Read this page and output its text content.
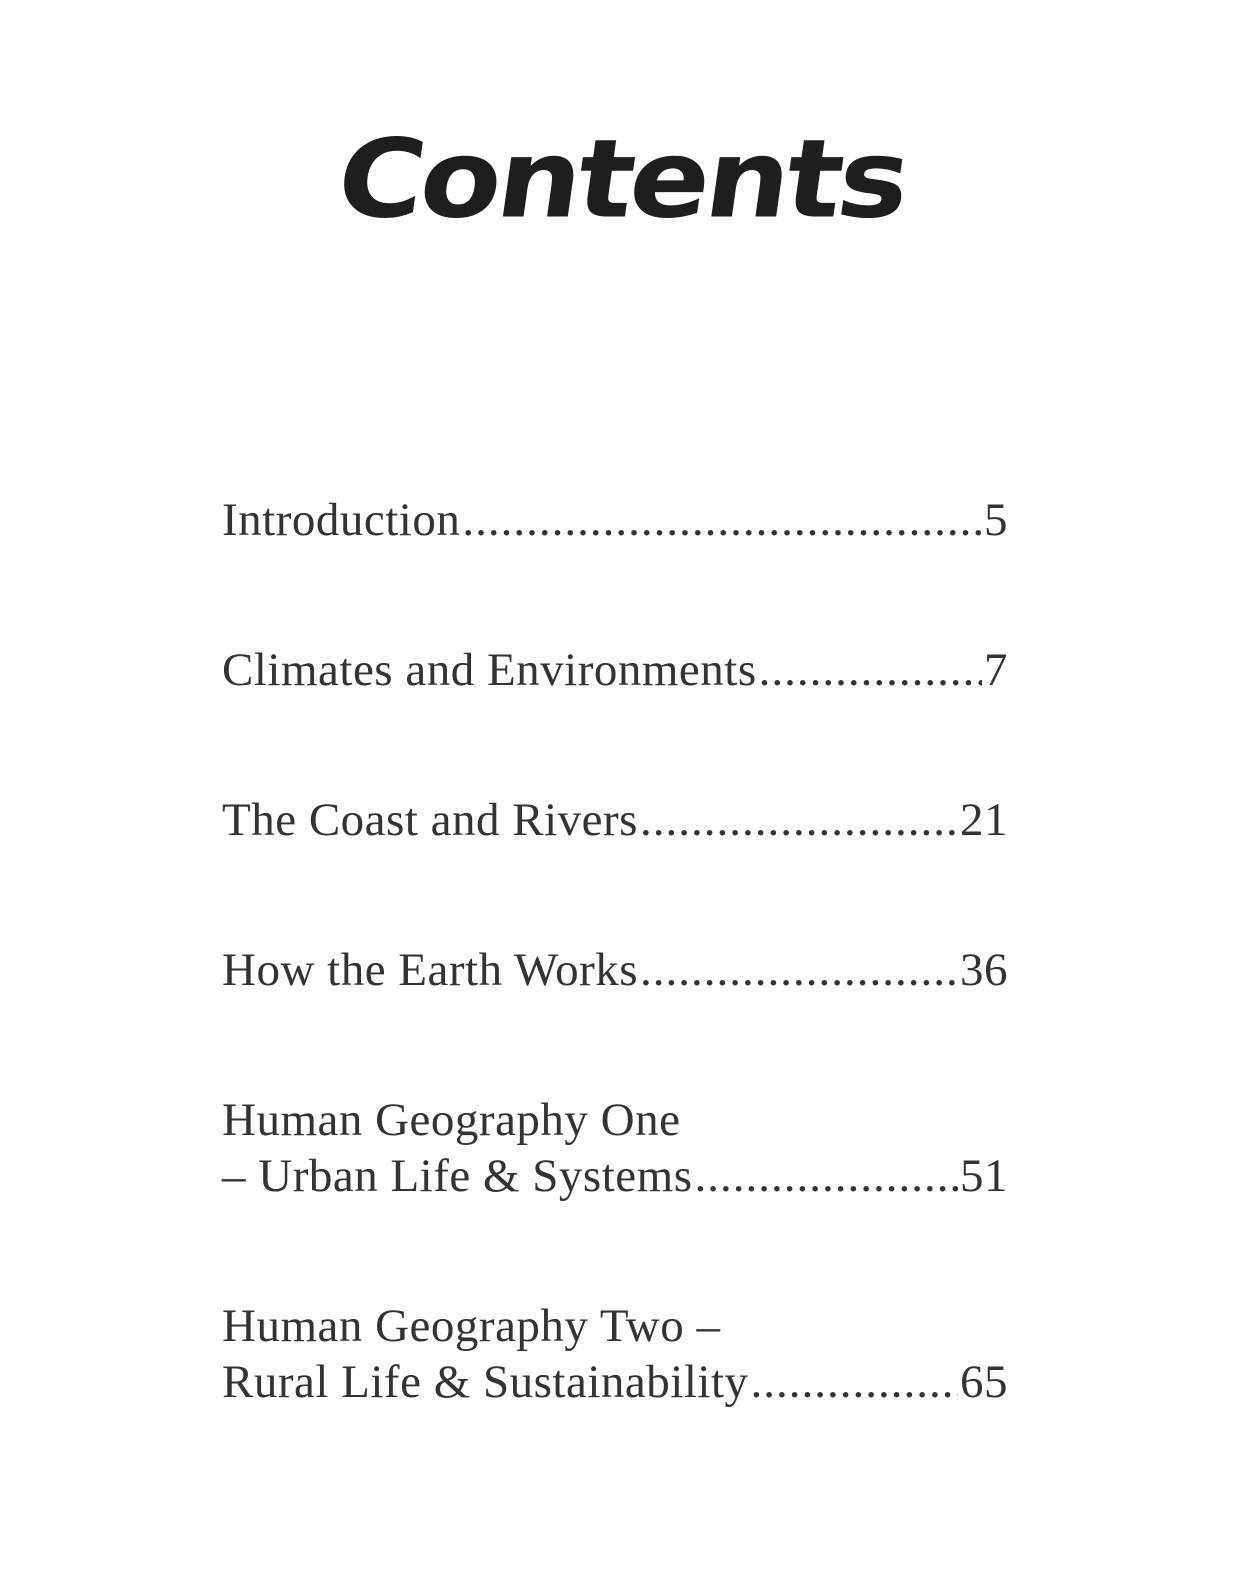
Contents
Introduction .....	5
Climates and Environments .....	7
The Coast and Rivers .....	21
How the Earth Works .....	36
Human Geography One
– Urban Life & Systems .....	51
Human Geography Two –
Rural Life & Sustainability .....	65
